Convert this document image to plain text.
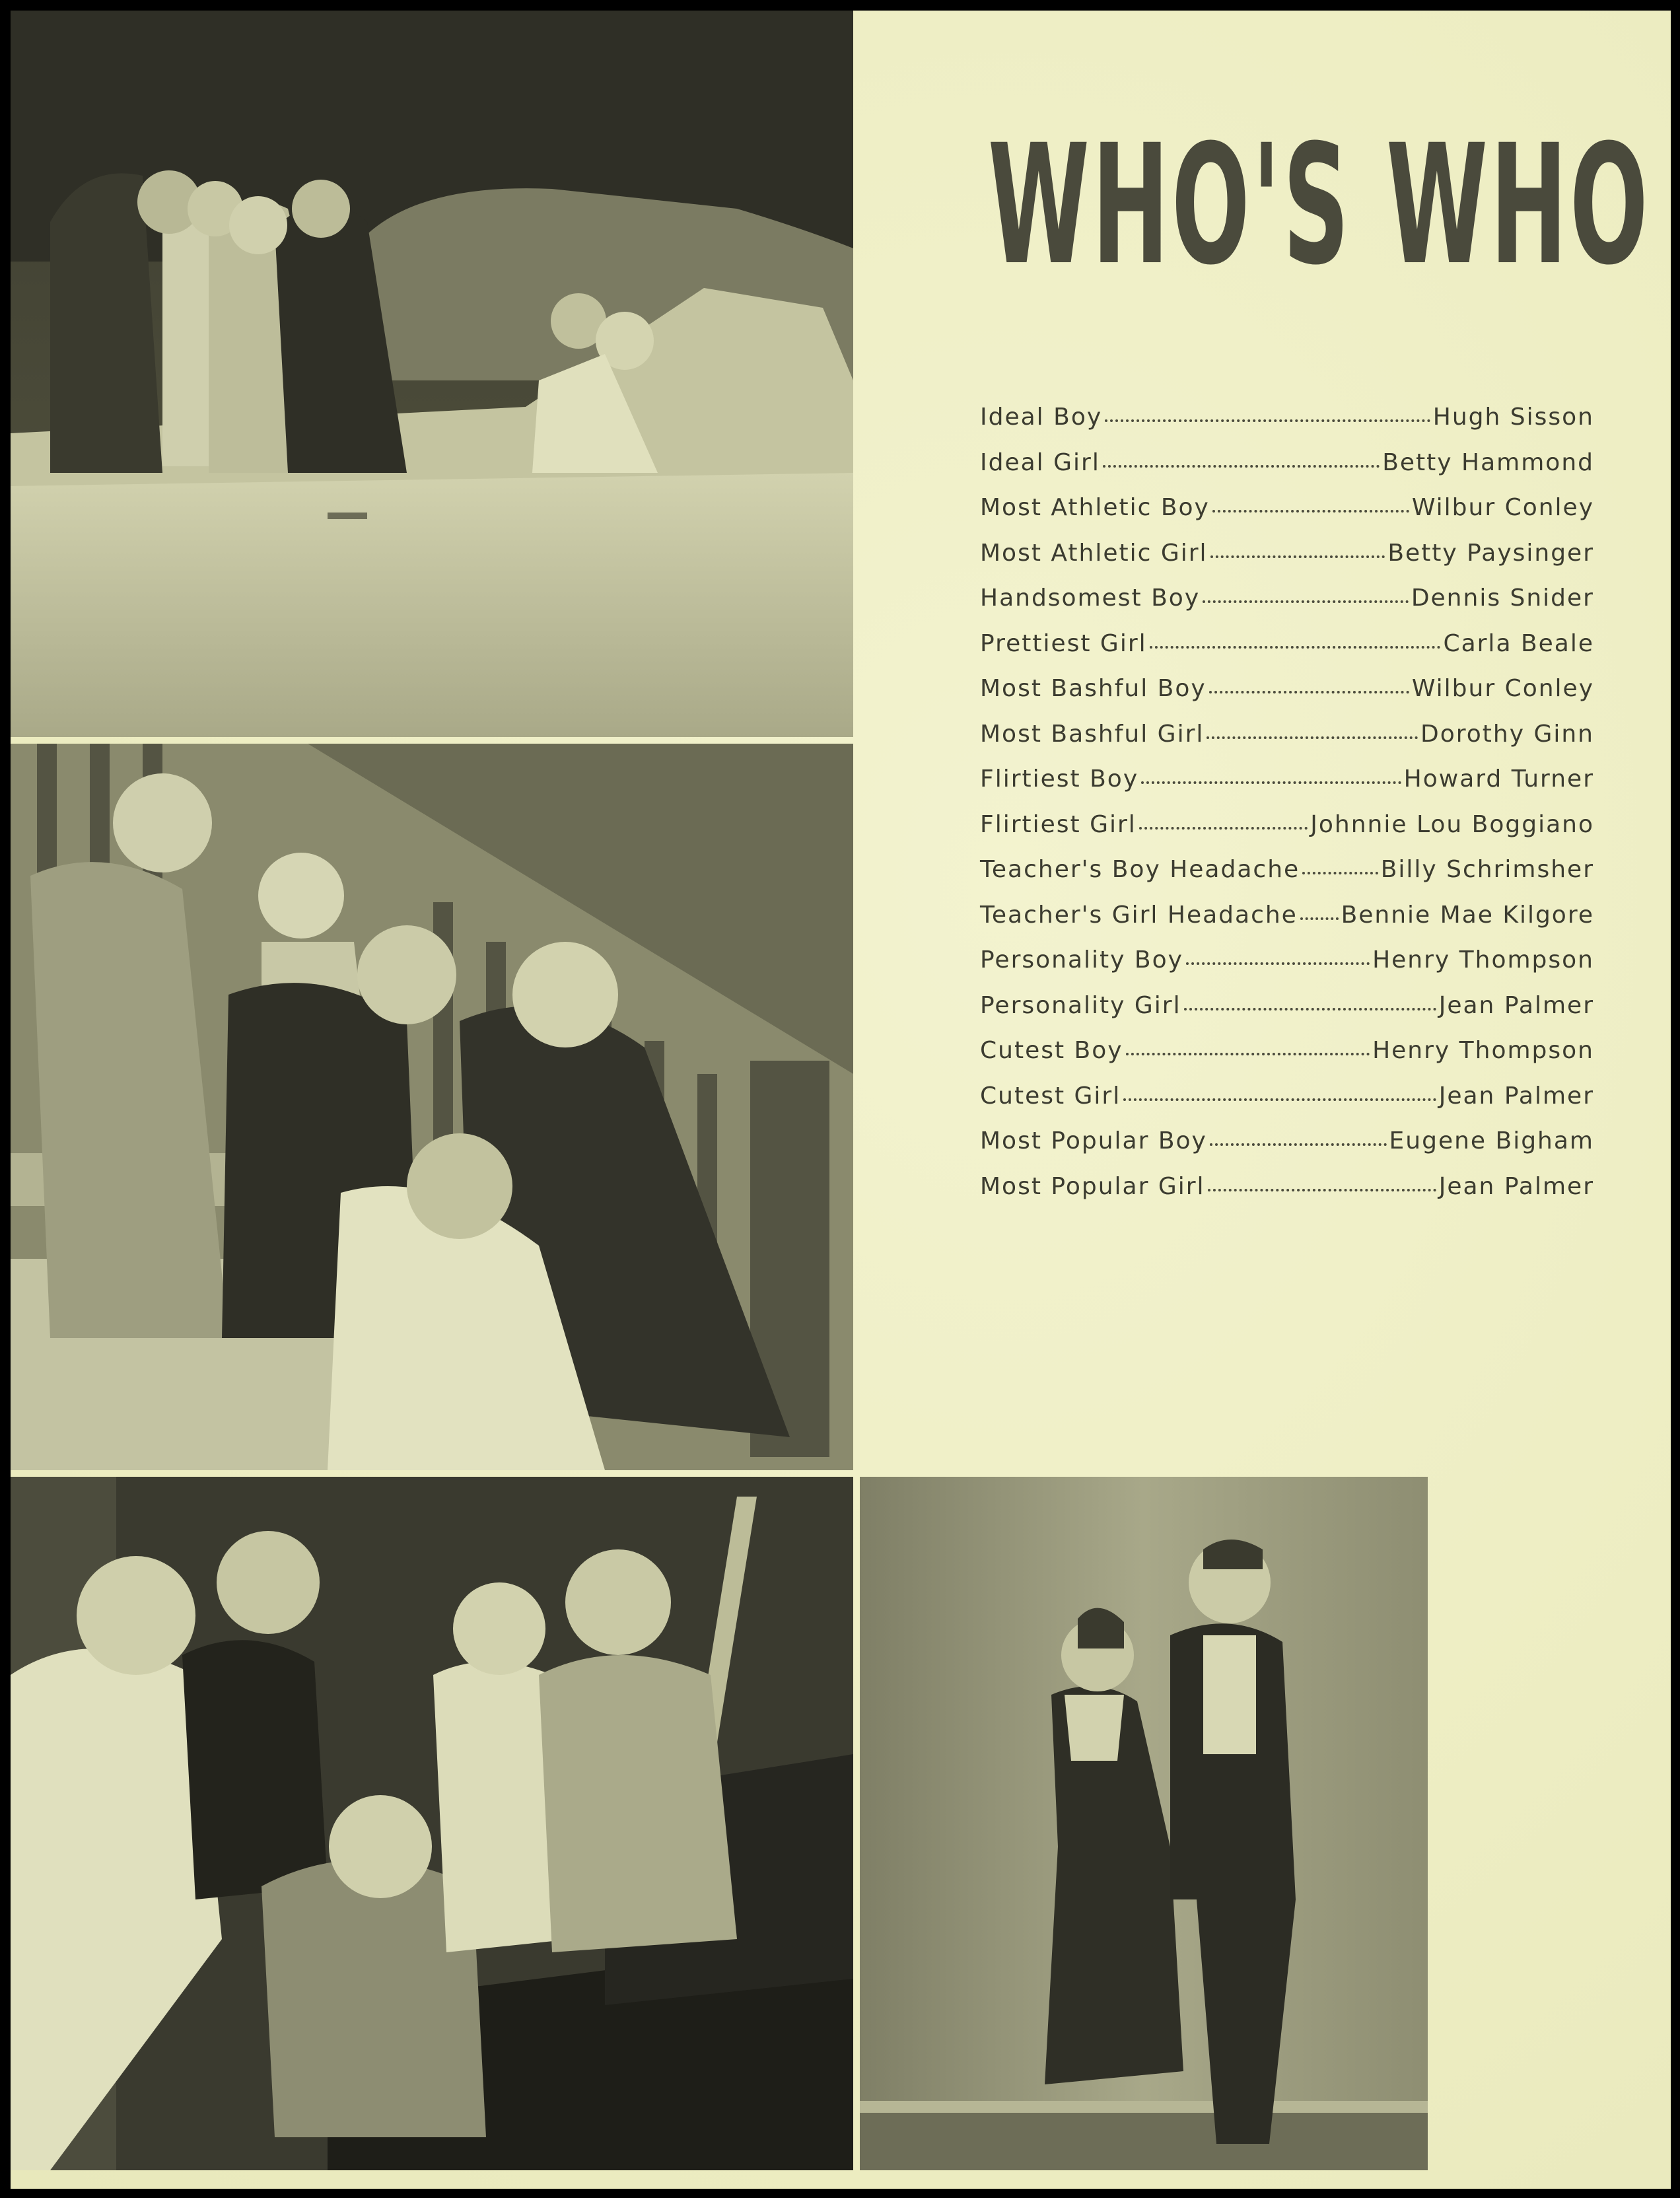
WHO'S WHO
Ideal Boy	Hugh Sisson
Ideal Girl	Betty Hammond
Most Athletic Boy	Wilbur Conley
Most Athletic Girl	Betty Paysinger
Handsomest Boy	Dennis Snider
Prettiest Girl	Carla Beale
Most Bashful Boy	Wilbur Conley
Most Bashful Girl	Dorothy Ginn
Flirtiest Boy	Howard Turner
Flirtiest Girl	Johnnie Lou Boggiano
Teacher's Boy Headache	Billy Schrimsher
Teacher's Girl Headache Bennie Mae Kilgore
Personality Boy	Henry Thompson
Personality Girl	Jean Palmer
Cutest Boy	Henry Thompson
Cutest Girl	Jean Palmer
Most Popular Boy	Eugene Bigham
Most Popular Girl	Jean Palmer
